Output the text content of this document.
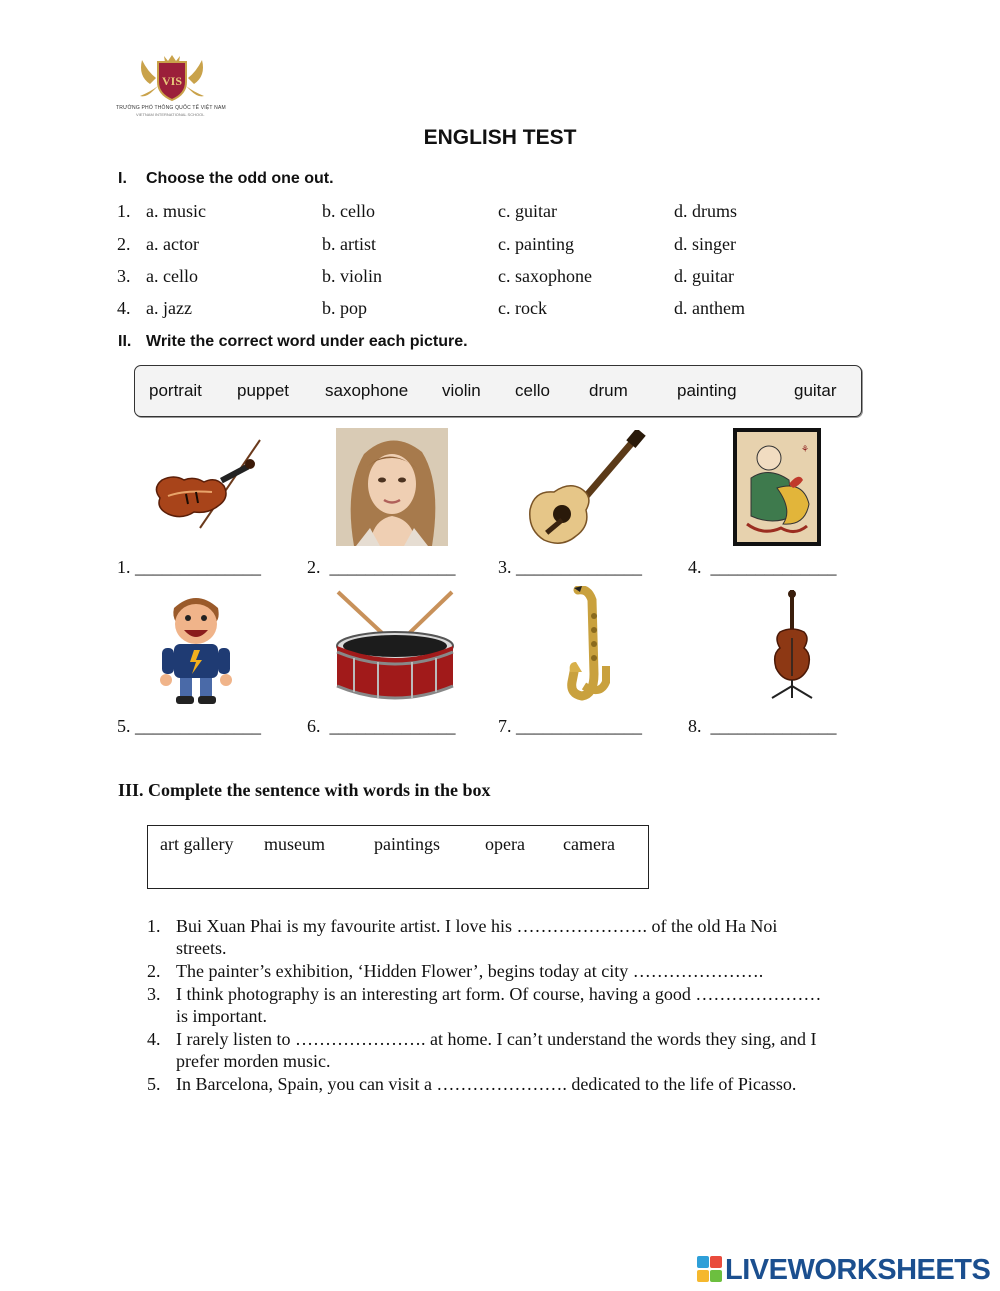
VIS
TRƯỜNG PHỔ THÔNG QUỐC TẾ VIỆT NAM
VIETNAM INTERNATIONAL SCHOOL
ENGLISH TEST
I. Choose the odd one out.
1. a. music	b. cello	c. guitar	d. drums
2. a. actor	b. artist	c. painting	d. singer
3. a. cello	b. violin	c. saxophone	d. guitar
4. a. jazz	b. pop	c. rock	d. anthem
II. Write the correct word under each picture.
portrait puppet saxophone violin cello drum	painting	guitar
⚘
1. ______________	2. ______________ 3. ______________	4. ______________
5. ______________	6. ______________ 7. ______________	8. ______________
III. Complete the sentence with words in the box
art gallery museum	paintings	opera camera
1. Bui Xuan Phai is my favourite artist. I love his …………………. of the old Ha Noi
streets.
2. The painter’s exhibition, ‘Hidden Flower’, begins today at city ………………….
3. I think photography is an interesting art form. Of course, having a good …………………
is important.
4. I rarely listen to …………………. at home. I can’t understand the words they sing, and I
prefer morden music.
5. In Barcelona, Spain, you can visit a …………………. dedicated to the life of Picasso.
LIVEWORKSHEETS
